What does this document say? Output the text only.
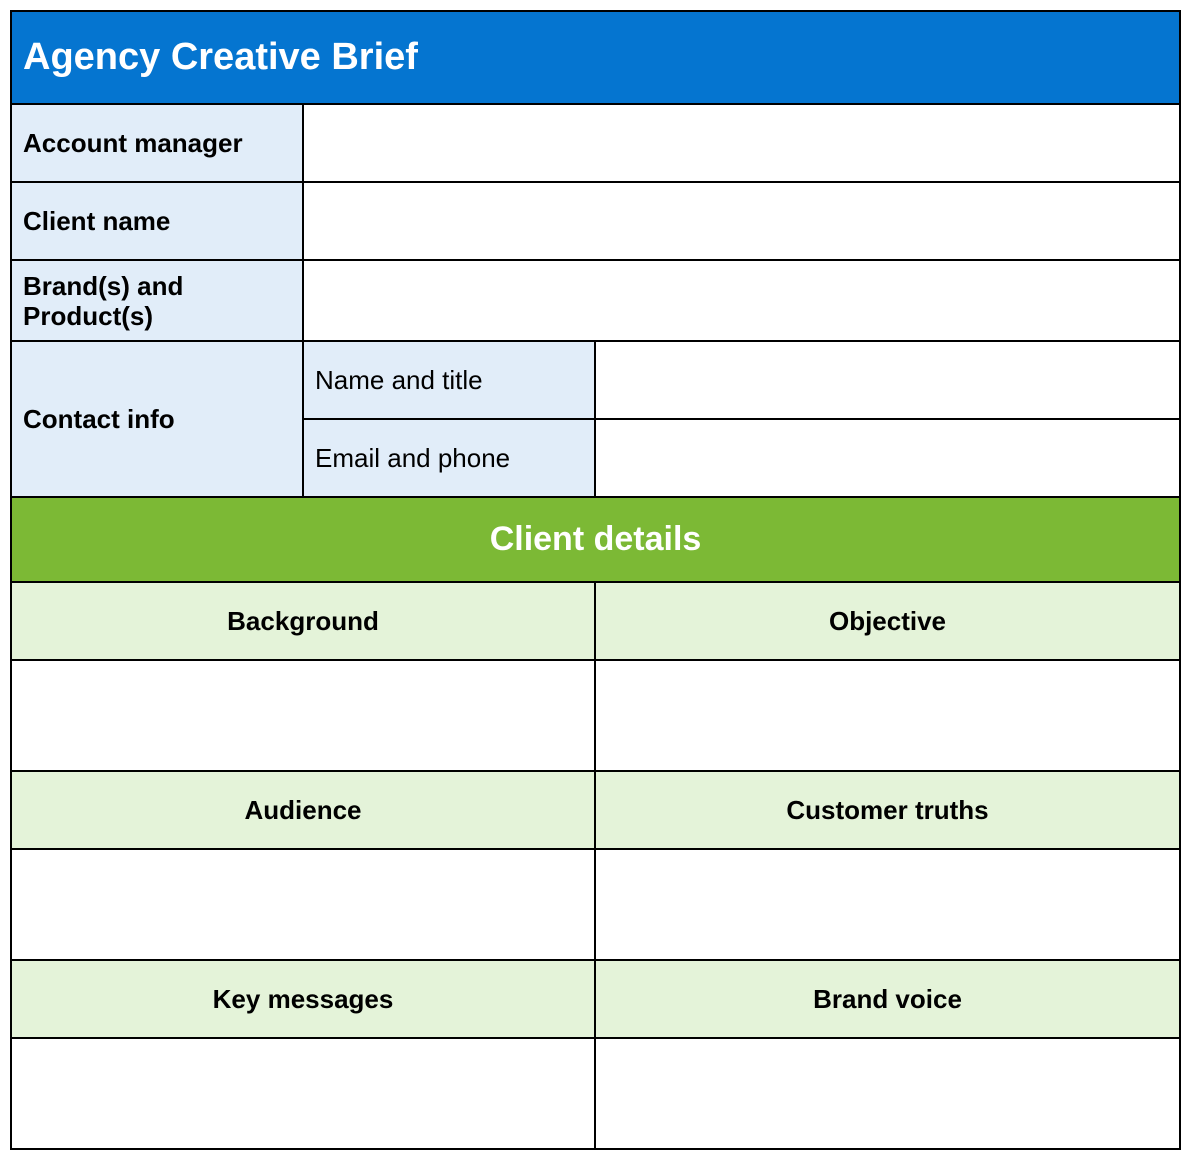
Agency Creative Brief		
Account manager		
Client name		
Brand(s) and Product(s)		
Contact info	Name and title	
	Email and phone	
Client details		
Background		Objective

Audience		Customer truths

Key messages		Brand voice
